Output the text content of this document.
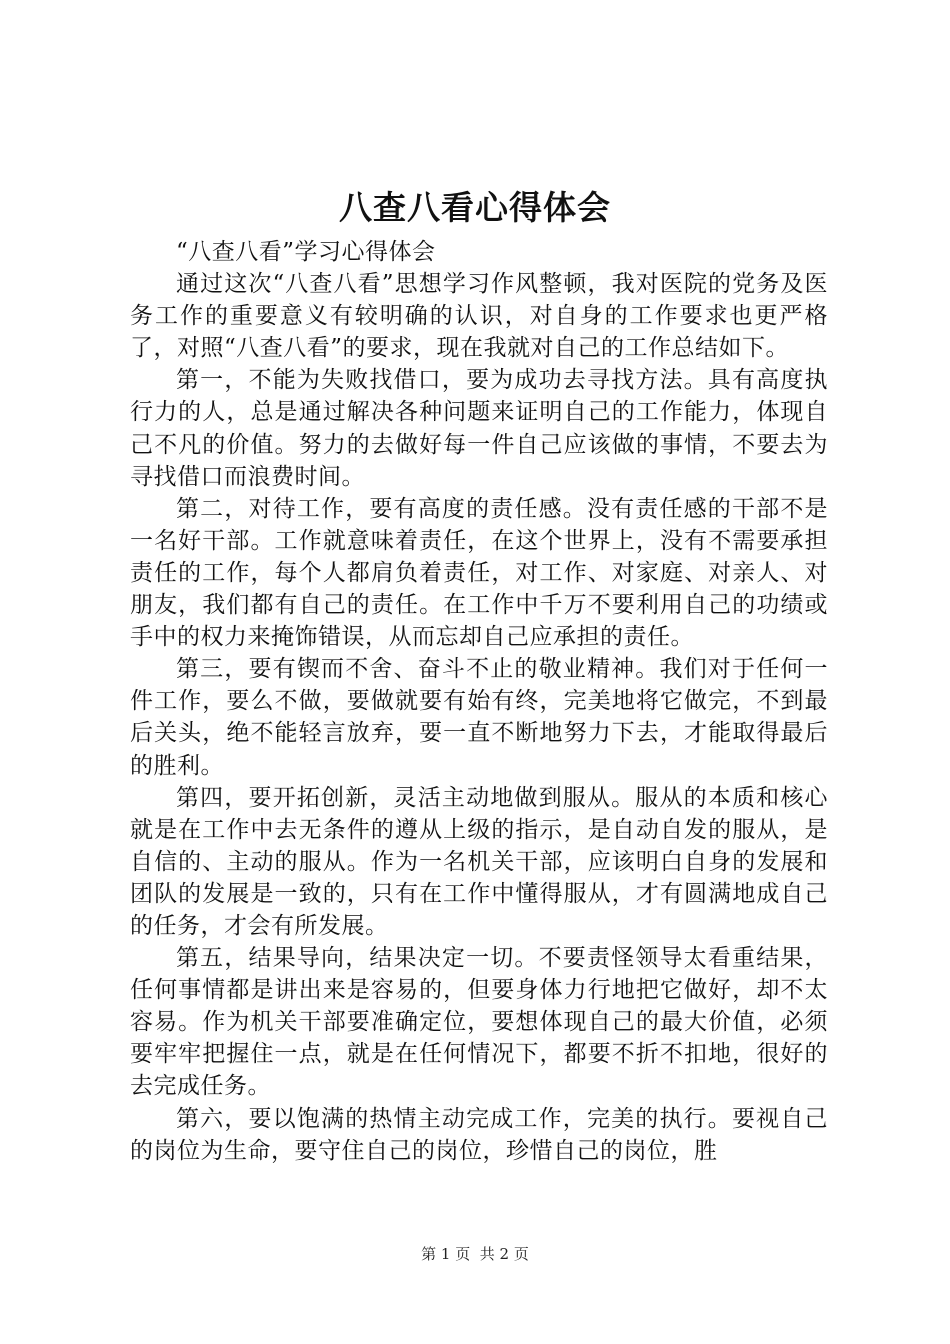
八查八看心得体会

“八查八看”学习心得体会

通过这次“八查八看”思想学习作风整顿，我对医院的党务及医务工作的重要意义有较明确的认识，对自身的工作要求也更严格了，对照“八查八看”的要求，现在我就对自己的工作总结如下。

第一，不能为失败找借口，要为成功去寻找方法。具有高度执行力的人，总是通过解决各种问题来证明自己的工作能力，体现自己不凡的价值。努力的去做好每一件自己应该做的事情，不要去为寻找借口而浪费时间。

第二，对待工作，要有高度的责任感。没有责任感的干部不是一名好干部。工作就意味着责任，在这个世界上，没有不需要承担责任的工作，每个人都肩负着责任，对工作、对家庭、对亲人、对朋友，我们都有自己的责任。在工作中千万不要利用自己的功绩或手中的权力来掩饰错误，从而忘却自己应承担的责任。

第三，要有锲而不舍、奋斗不止的敬业精神。我们对于任何一件工作，要么不做，要做就要有始有终，完美地将它做完，不到最后关头，绝不能轻言放弃，要一直不断地努力下去，才能取得最后的胜利。

第四，要开拓创新，灵活主动地做到服从。服从的本质和核心就是在工作中去无条件的遵从上级的指示，是自动自发的服从，是自信的、主动的服从。作为一名机关干部，应该明白自身的发展和团队的发展是一致的，只有在工作中懂得服从，才有圆满地成自己的任务，才会有所发展。

第五，结果导向，结果决定一切。不要责怪领导太看重结果，任何事情都是讲出来是容易的，但要身体力行地把它做好，却不太容易。作为机关干部要准确定位，要想体现自己的最大价值，必须要牢牢把握住一点，就是在任何情况下，都要不折不扣地，很好的去完成任务。

第六，要以饱满的热情主动完成工作，完美的执行。要视自己的岗位为生命，要守住自己的岗位，珍惜自己的岗位，胜

第 1 页  共 2 页
